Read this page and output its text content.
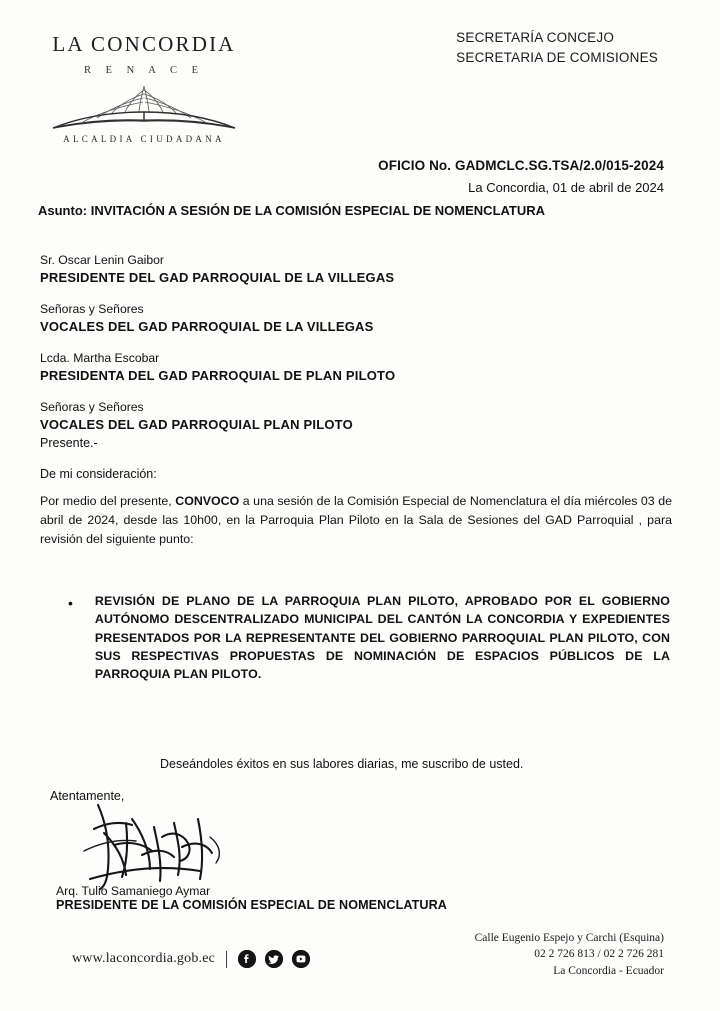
LA CONCORDIA
R E N A C E
ALCALDIA CIUDADANA
SECRETARÍA CONCEJO
SECRETARIA DE COMISIONES
OFICIO No. GADMCLC.SG.TSA/2.0/015-2024
La Concordia, 01 de abril de 2024
Asunto: INVITACIÓN A SESIÓN DE LA COMISIÓN ESPECIAL DE NOMENCLATURA
Sr. Oscar Lenin Gaibor
PRESIDENTE DEL GAD PARROQUIAL DE LA VILLEGAS
Señoras y Señores
VOCALES DEL GAD PARROQUIAL DE LA VILLEGAS
Lcda. Martha Escobar
PRESIDENTA DEL GAD PARROQUIAL DE PLAN PILOTO
Señoras y Señores
VOCALES DEL GAD PARROQUIAL PLAN PILOTO
Presente.-
De mi consideración:
Por medio del presente, CONVOCO a una sesión de la Comisión Especial de Nomenclatura el día miércoles 03 de abril de 2024, desde las 10h00, en la Parroquia Plan Piloto en la Sala de Sesiones del GAD Parroquial , para revisión del siguiente punto:
• REVISIÓN DE PLANO DE LA PARROQUIA PLAN PILOTO, APROBADO POR EL GOBIERNO AUTÓNOMO DESCENTRALIZADO MUNICIPAL DEL CANTÓN LA CONCORDIA Y EXPEDIENTES PRESENTADOS POR LA REPRESENTANTE DEL GOBIERNO PARROQUIAL PLAN PILOTO, CON SUS RESPECTIVAS PROPUESTAS DE NOMINACIÓN DE ESPACIOS PÚBLICOS DE LA PARROQUIA PLAN PILOTO.
Deseándoles éxitos en sus labores diarias, me suscribo de usted.
Atentamente,
Arq. Tulio Samaniego Aymar
PRESIDENTE DE LA COMISIÓN ESPECIAL DE NOMENCLATURA
Calle Eugenio Espejo y Carchi (Esquina)
02 2 726 813 / 02 2 726 281
La Concordia - Ecuador
www.laconcordia.gob.ec
